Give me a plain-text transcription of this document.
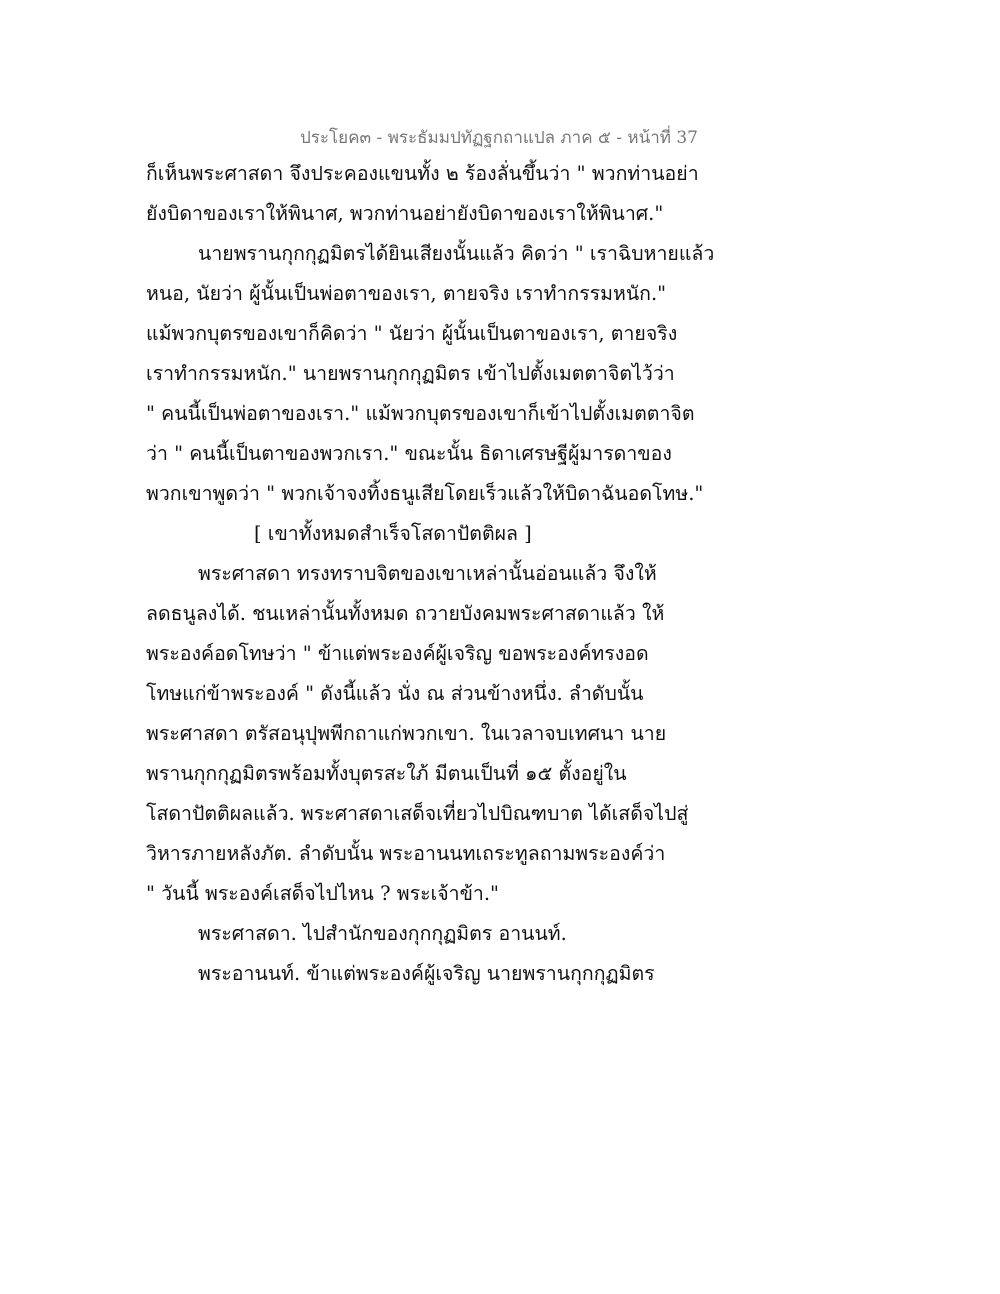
ประโยค๓ - พระธัมมปทัฏฐกถาแปล ภาค ๕ - หน้าที่ 37
ก็เห็นพระศาสดา จึงประคองแขนทั้ง ๒ ร้องลั่นขึ้นว่า " พวกท่านอย่า
ยังบิดาของเราให้พินาศ, พวกท่านอย่ายังบิดาของเราให้พินาศ."
นายพรานกุกกุฏมิตรได้ยินเสียงนั้นแล้ว คิดว่า " เราฉิบหายแล้ว
หนอ, นัยว่า ผู้นั้นเป็นพ่อตาของเรา, ตายจริง เราทำกรรมหนัก."
แม้พวกบุตรของเขาก็คิดว่า " นัยว่า ผู้นั้นเป็นตาของเรา, ตายจริง
เราทำกรรมหนัก." นายพรานกุกกุฏมิตร เข้าไปตั้งเมตตาจิตไว้ว่า
" คนนี้เป็นพ่อตาของเรา." แม้พวกบุตรของเขาก็เข้าไปตั้งเมตตาจิต
ว่า " คนนี้เป็นตาของพวกเรา." ขณะนั้น ธิดาเศรษฐีผู้มารดาของ
พวกเขาพูดว่า " พวกเจ้าจงทิ้งธนูเสียโดยเร็วแล้วให้บิดาฉันอดโทษ."
[ เขาทั้งหมดสำเร็จโสดาปัตติผล ]
พระศาสดา ทรงทราบจิตของเขาเหล่านั้นอ่อนแล้ว จึงให้
ลดธนูลงได้. ชนเหล่านั้นทั้งหมด ถวายบังคมพระศาสดาแล้ว ให้
พระองค์อดโทษว่า " ข้าแต่พระองค์ผู้เจริญ ขอพระองค์ทรงอด
โทษแก่ข้าพระองค์ " ดังนี้แล้ว นั่ง ณ ส่วนข้างหนึ่ง. ลำดับนั้น
พระศาสดา ตรัสอนุปุพพีกถาแก่พวกเขา. ในเวลาจบเทศนา นาย
พรานกุกกุฏมิตรพร้อมทั้งบุตรสะใภ้ มีตนเป็นที่ ๑๕ ตั้งอยู่ใน
โสดาปัตติผลแล้ว. พระศาสดาเสด็จเที่ยวไปบิณฑบาต ได้เสด็จไปสู่
วิหารภายหลังภัต. ลำดับนั้น พระอานนทเถระทูลถามพระองค์ว่า
" วันนี้ พระองค์เสด็จไปไหน ? พระเจ้าข้า."
พระศาสดา. ไปสำนักของกุกกุฏมิตร อานนท์.
พระอานนท์. ข้าแต่พระองค์ผู้เจริญ นายพรานกุกกุฏมิตร
